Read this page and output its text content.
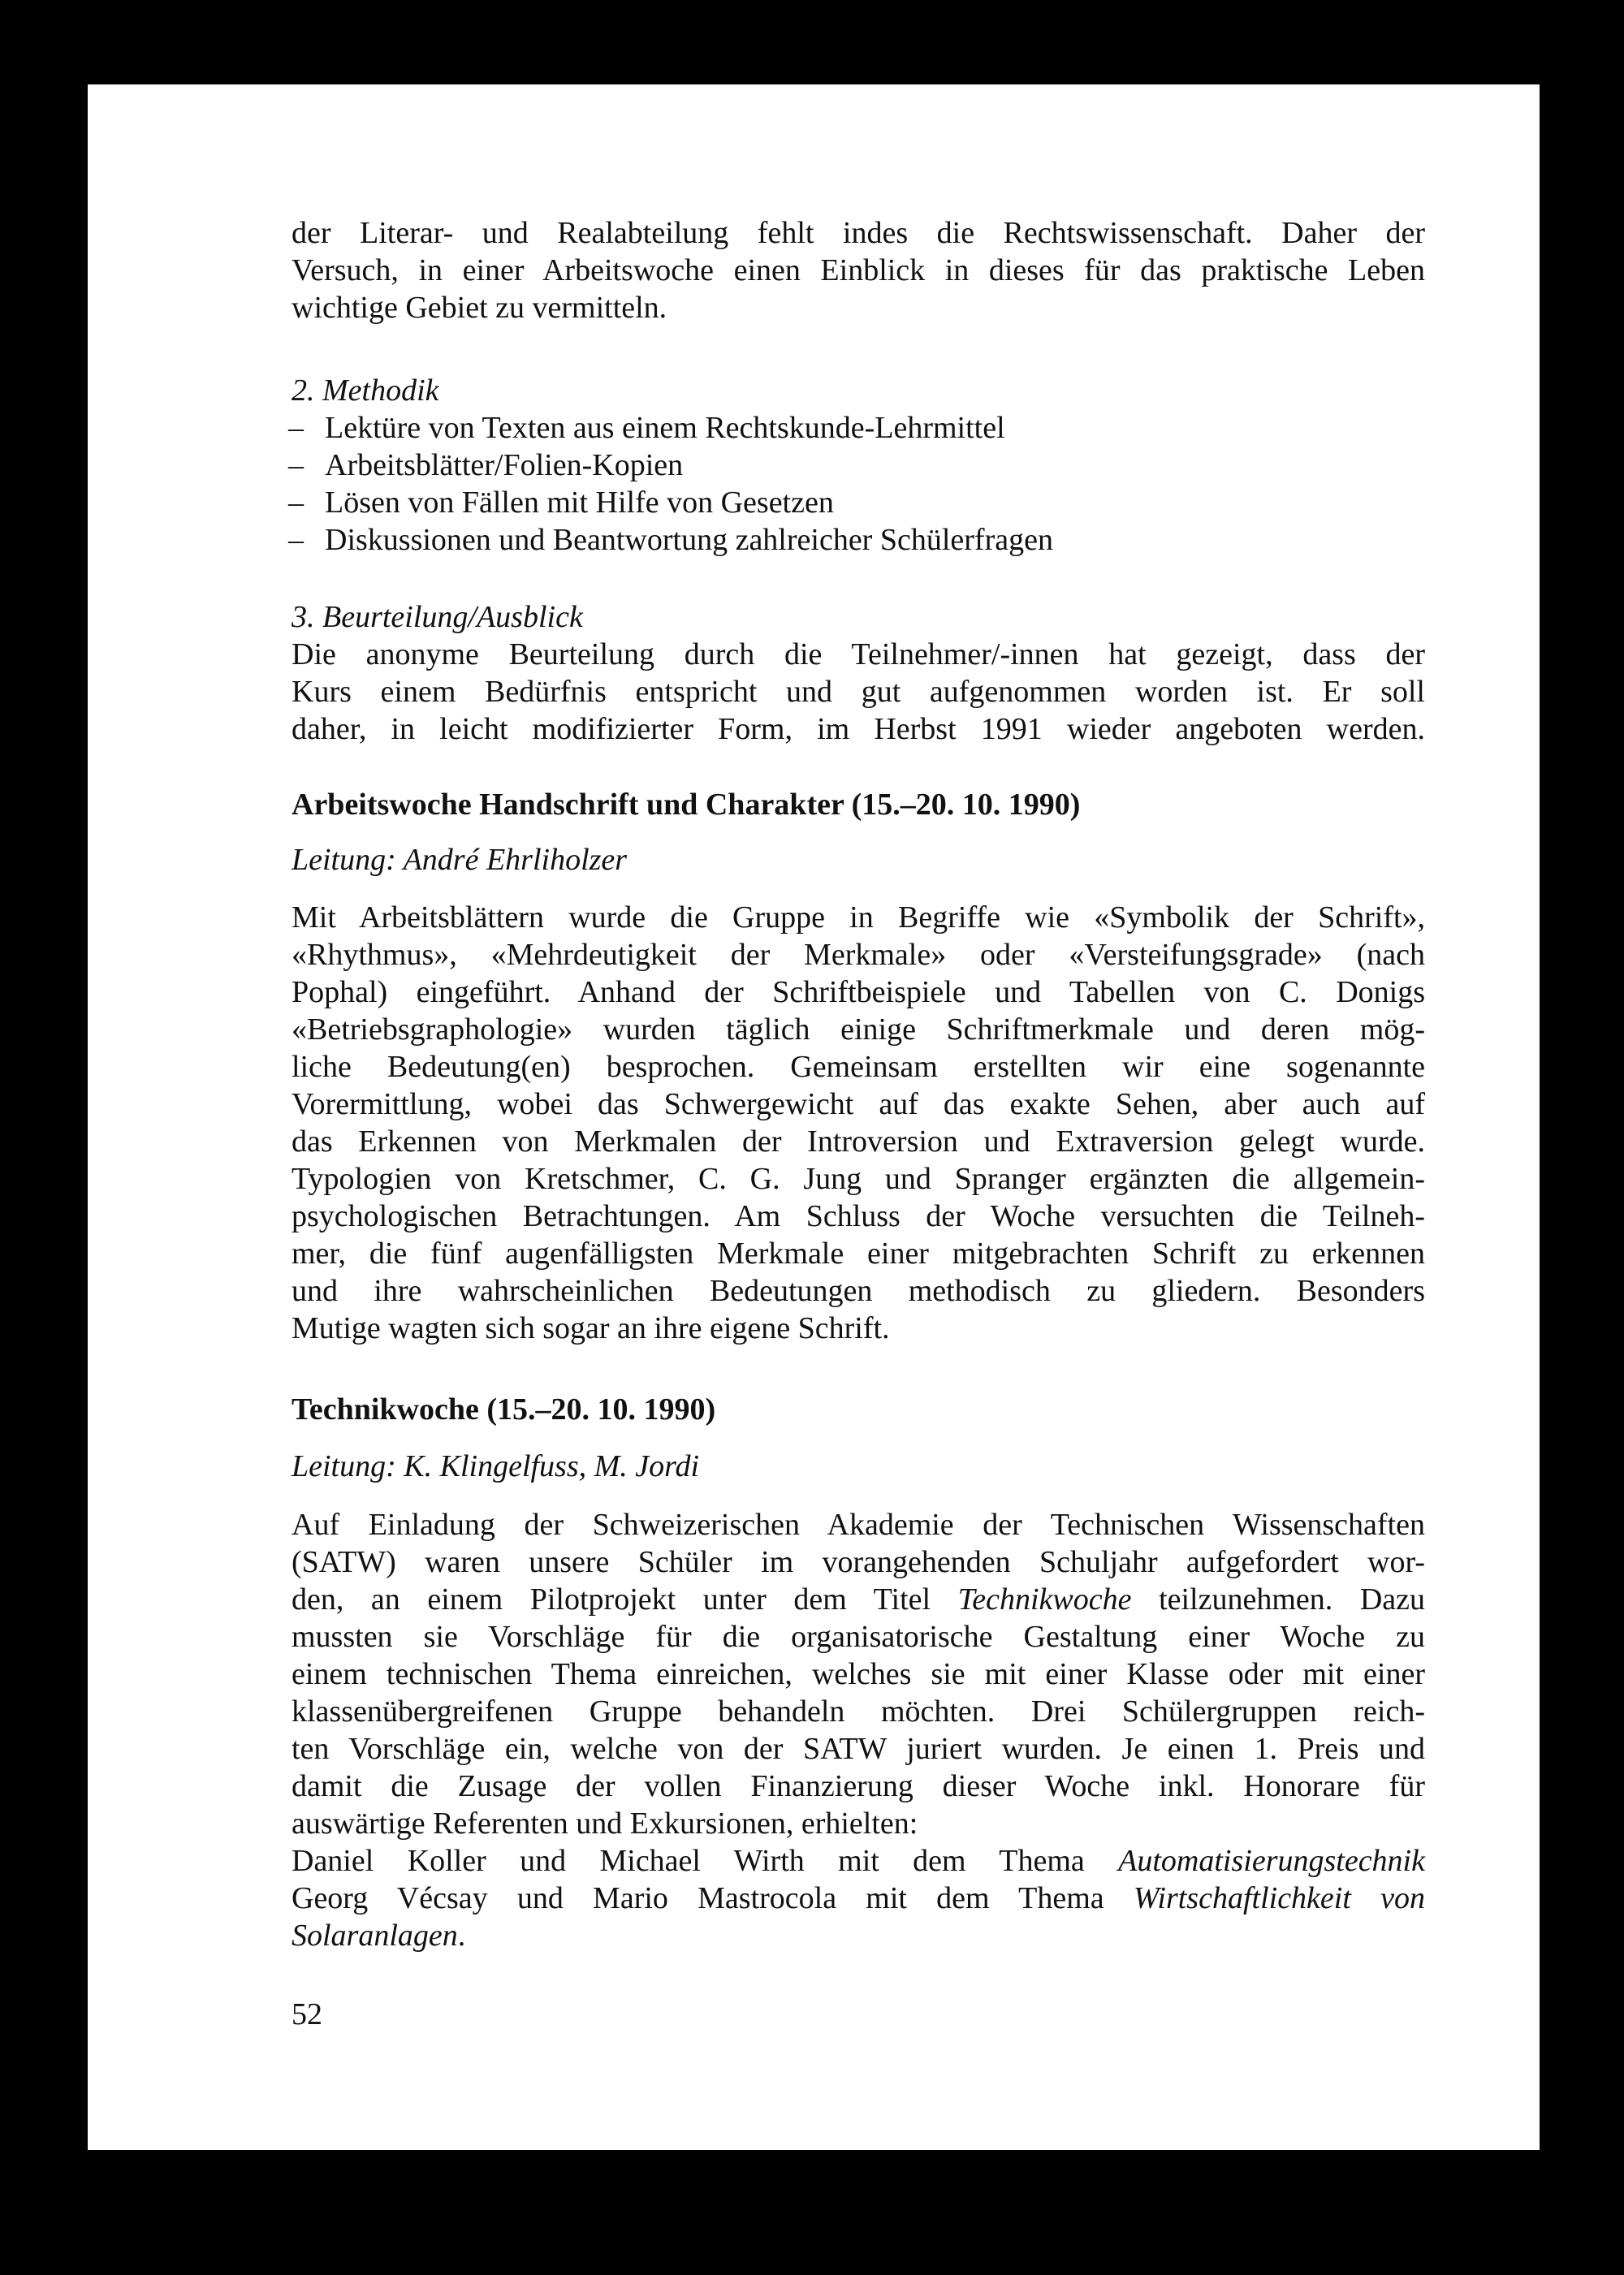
der Literar- und Realabteilung fehlt indes die Rechtswissenschaft. Daher der

Versuch, in einer Arbeitswoche einen Einblick in dieses für das praktische Leben

wichtige Gebiet zu vermitteln.

2. Methodik

– Lektüre von Texten aus einem Rechtskunde-Lehrmittel
– Arbeitsblätter/Folien-Kopien
– Lösen von Fällen mit Hilfe von Gesetzen
– Diskussionen und Beantwortung zahlreicher Schülerfragen

3. Beurteilung/Ausblick

Die anonyme Beurteilung durch die Teilnehmer/-innen hat gezeigt, dass der

Kurs einem Bedürfnis entspricht und gut aufgenommen worden ist. Er soll

daher, in leicht modifizierter Form, im Herbst 1991 wieder angeboten werden.

Arbeitswoche Handschrift und Charakter (15.–20. 10. 1990)

Leitung: André Ehrliholzer

Mit Arbeitsblättern wurde die Gruppe in Begriffe wie «Symbolik der Schrift»,

«Rhythmus», «Mehrdeutigkeit der Merkmale» oder «Versteifungsgrade» (nach

Pophal) eingeführt. Anhand der Schriftbeispiele und Tabellen von C. Donigs

«Betriebsgraphologie» wurden täglich einige Schriftmerkmale und deren mög-

liche Bedeutung(en) besprochen. Gemeinsam erstellten wir eine sogenannte

Vorermittlung, wobei das Schwergewicht auf das exakte Sehen, aber auch auf

das Erkennen von Merkmalen der Introversion und Extraversion gelegt wurde.

Typologien von Kretschmer, C. G. Jung und Spranger ergänzten die allgemein-

psychologischen Betrachtungen. Am Schluss der Woche versuchten die Teilneh-

mer, die fünf augenfälligsten Merkmale einer mitgebrachten Schrift zu erkennen

und ihre wahrscheinlichen Bedeutungen methodisch zu gliedern. Besonders

Mutige wagten sich sogar an ihre eigene Schrift.

Technikwoche (15.–20. 10. 1990)

Leitung: K. Klingelfuss, M. Jordi

Auf Einladung der Schweizerischen Akademie der Technischen Wissenschaften

(SATW) waren unsere Schüler im vorangehenden Schuljahr aufgefordert wor-

den, an einem Pilotprojekt unter dem Titel Technikwoche teilzunehmen. Dazu

mussten sie Vorschläge für die organisatorische Gestaltung einer Woche zu

einem technischen Thema einreichen, welches sie mit einer Klasse oder mit einer

klassenübergreifenen Gruppe behandeln möchten. Drei Schülergruppen reich-

ten Vorschläge ein, welche von der SATW juriert wurden. Je einen 1. Preis und

damit die Zusage der vollen Finanzierung dieser Woche inkl. Honorare für

auswärtige Referenten und Exkursionen, erhielten:

Daniel Koller und Michael Wirth mit dem Thema Automatisierungstechnik

Georg Vécsay und Mario Mastrocola mit dem Thema Wirtschaftlichkeit von

Solaranlagen.

52
